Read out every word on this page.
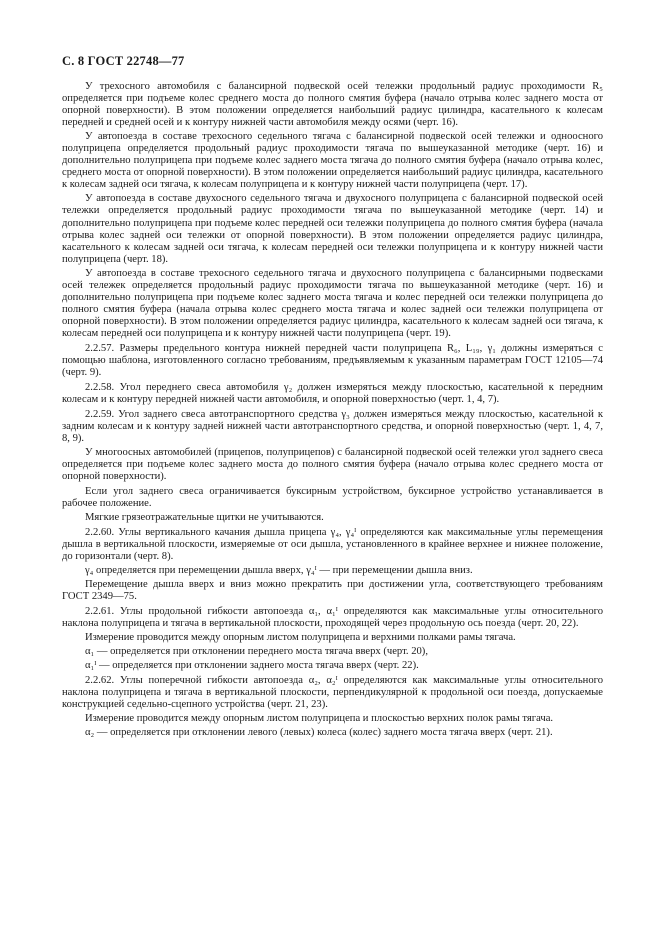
С. 8 ГОСТ 22748—77

У трехосного автомобиля с балансирной подвеской осей тележки продольный радиус проходимости R₅ определяется при подъеме колес среднего моста до полного смятия буфера (начало отрыва колес заднего моста от опорной поверхности). В этом положении определяется наибольший радиус цилиндра, касательного к колесам передней и средней осей и к контуру нижней части автомобиля между осями (черт. 16).

У автопоезда в составе трехосного седельного тягача с балансирной подвеской осей тележки и одноосного полуприцепа определяется продольный радиус проходимости тягача по вышеуказанной методике (черт. 16) и дополнительно полуприцепа при подъеме колес заднего моста тягача до полного смятия буфера (начало отрыва колес, среднего моста от опорной поверхности). В этом положении определяется наибольший радиус цилиндра, касательного к колесам задней оси тягача, к колесам полуприцепа и к контуру нижней части полуприцепа (черт. 17).

У автопоезда в составе двухосного седельного тягача и двухосного полуприцепа с балансирной подвеской осей тележки определяется продольный радиус проходимости тягача по вышеуказанной методике (черт. 14) и дополнительно полуприцепа при подъеме колес передней оси тележки полуприцепа до полного смятия буфера (начала отрыва колес задней оси тележки от опорной поверхности). В этом положении определяется радиус цилиндра, касательного к колесам задней оси тягача, к колесам передней оси тележки полуприцепа и к контуру нижней части полуприцепа (черт. 18).

У автопоезда в составе трехосного седельного тягача и двухосного полуприцепа с балансирными подвесками осей тележек определяется продольный радиус проходимости тягача по вышеуказанной методике (черт. 16) и дополнительно полуприцепа при подъеме колес заднего моста тягача и колес передней оси тележки полуприцепа до полного смятия буфера (начала отрыва колес среднего моста тягача и колес задней оси тележки полуприцепа от опорной поверхности). В этом положении определяется радиус цилиндра, касательного к колесам задней оси тягача, к колесам передней оси полуприцепа и к контуру нижней части полуприцепа (черт. 19).

2.2.57. Размеры предельного контура нижней передней части полуприцепа R₆, L₁₉, γ₁ должны измеряться с помощью шаблона, изготовленного согласно требованиям, предъявляемым к указанным параметрам ГОСТ 12105—74 (черт. 9).

2.2.58. Угол переднего свеса автомобиля γ₂ должен измеряться между плоскостью, касательной к передним колесам и к контуру передней нижней части автомобиля, и опорной поверхностью (черт. 1, 4, 7).

2.2.59. Угол заднего свеса автотранспортного средства γ₃ должен измеряться между плоскостью, касательной к задним колесам и к контуру задней нижней части автотранспортного средства, и опорной поверхностью (черт. 1, 4, 7, 8, 9).

У многоосных автомобилей (прицепов, полуприцепов) с балансирной подвеской осей тележки угол заднего свеса определяется при подъеме колес заднего моста до полного смятия буфера (начало отрыва колес среднего моста от опорной поверхности).

Если угол заднего свеса ограничивается буксирным устройством, буксирное устройство устанавливается в рабочее положение.

Мягкие грязеотражательные щитки не учитываются.

2.2.60. Углы вертикального качания дышла прицепа γ₄, γ₄ᴵ определяются как максимальные углы перемещения дышла в вертикальной плоскости, измеряемые от оси дышла, установленного в крайнее верхнее и нижнее положение, до горизонтали (черт. 8).

γ₄ определяется при перемещении дышла вверх, γ₄ᴵ — при перемещении дышла вниз.

Перемещение дышла вверх и вниз можно прекратить при достижении угла, соответствующего требованиям ГОСТ 2349—75.

2.2.61. Углы продольной гибкости автопоезда α₁, α₁ᴵ определяются как максимальные углы относительного наклона полуприцепа и тягача в вертикальной плоскости, проходящей через продольную ось поезда (черт. 20, 22).

Измерение проводится между опорным листом полуприцепа и верхними полками рамы тягача.

α₁ — определяется при отклонении переднего моста тягача вверх (черт. 20),

α₁ᴵ — определяется при отклонении заднего моста тягача вверх (черт. 22).

2.2.62. Углы поперечной гибкости автопоезда α₂, α₂ᴵ определяются как максимальные углы относительного наклона полуприцепа и тягача в вертикальной плоскости, перпендикулярной к продольной оси поезда, допускаемые конструкцией седельно-сцепного устройства (черт. 21, 23).

Измерение проводится между опорным листом полуприцепа и плоскостью верхних полок рамы тягача.

α₂ — определяется при отклонении левого (левых) колеса (колес) заднего моста тягача вверх (черт. 21).
